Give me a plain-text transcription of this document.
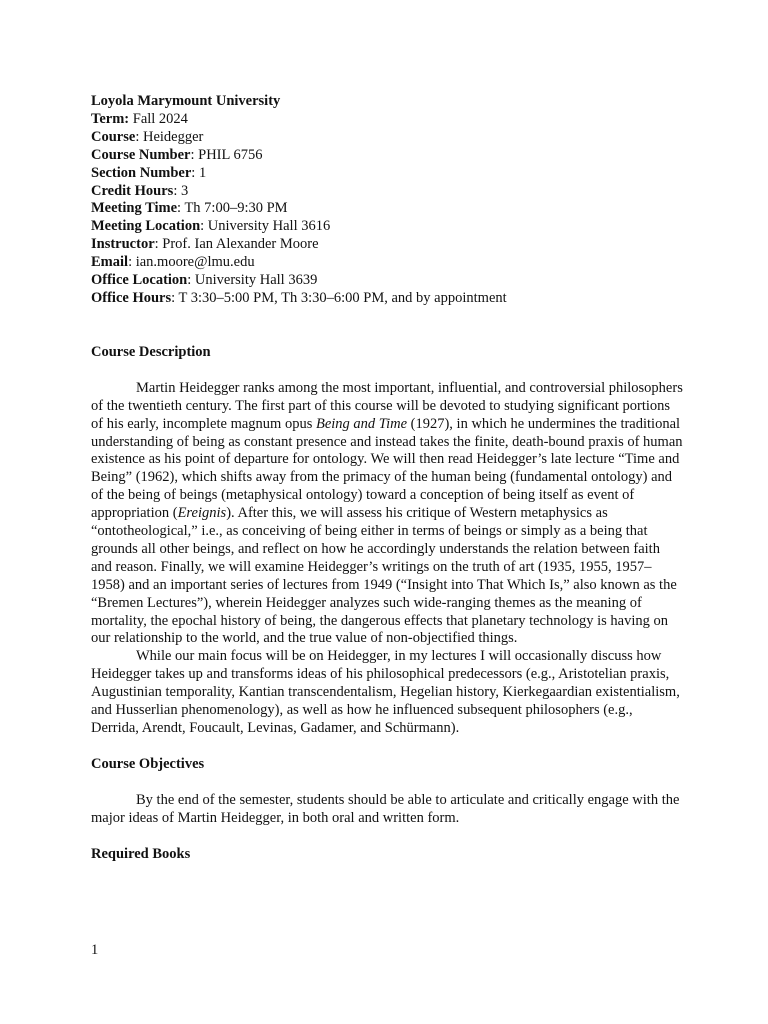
Loyola Marymount University

Term: Fall 2024

Course: Heidegger

Course Number: PHIL 6756

Section Number: 1

Credit Hours: 3

Meeting Time: Th 7:00–9:30 PM

Meeting Location: University Hall 3616

Instructor: Prof. Ian Alexander Moore

Email: ian.moore@lmu.edu

Office Location: University Hall 3639

Office Hours: T 3:30–5:00 PM, Th 3:30–6:00 PM, and by appointment

Course Description

Martin Heidegger ranks among the most important, influential, and controversial philosophers of the twentieth century. The first part of this course will be devoted to studying significant portions of his early, incomplete magnum opus Being and Time (1927), in which he undermines the traditional understanding of being as constant presence and instead takes the finite, death-bound praxis of human existence as his point of departure for ontology. We will then read Heidegger’s late lecture “Time and Being” (1962), which shifts away from the primacy of the human being (fundamental ontology) and of the being of beings (metaphysical ontology) toward a conception of being itself as event of appropriation (Ereignis). After this, we will assess his critique of Western metaphysics as “ontotheological,” i.e., as conceiving of being either in terms of beings or simply as a being that grounds all other beings, and reflect on how he accordingly understands the relation between faith and reason. Finally, we will examine Heidegger’s writings on the truth of art (1935, 1955, 1957–1958) and an important series of lectures from 1949 (“Insight into That Which Is,” also known as the “Bremen Lectures”), wherein Heidegger analyzes such wide-ranging themes as the meaning of mortality, the epochal history of being, the dangerous effects that planetary technology is having on our relationship to the world, and the true value of non-objectified things.

While our main focus will be on Heidegger, in my lectures I will occasionally discuss how Heidegger takes up and transforms ideas of his philosophical predecessors (e.g., Aristotelian praxis, Augustinian temporality, Kantian transcendentalism, Hegelian history, Kierkegaardian existentialism, and Husserlian phenomenology), as well as how he influenced subsequent philosophers (e.g., Derrida, Arendt, Foucault, Levinas, Gadamer, and Schürmann).

Course Objectives

By the end of the semester, students should be able to articulate and critically engage with the major ideas of Martin Heidegger, in both oral and written form.

Required Books

1
